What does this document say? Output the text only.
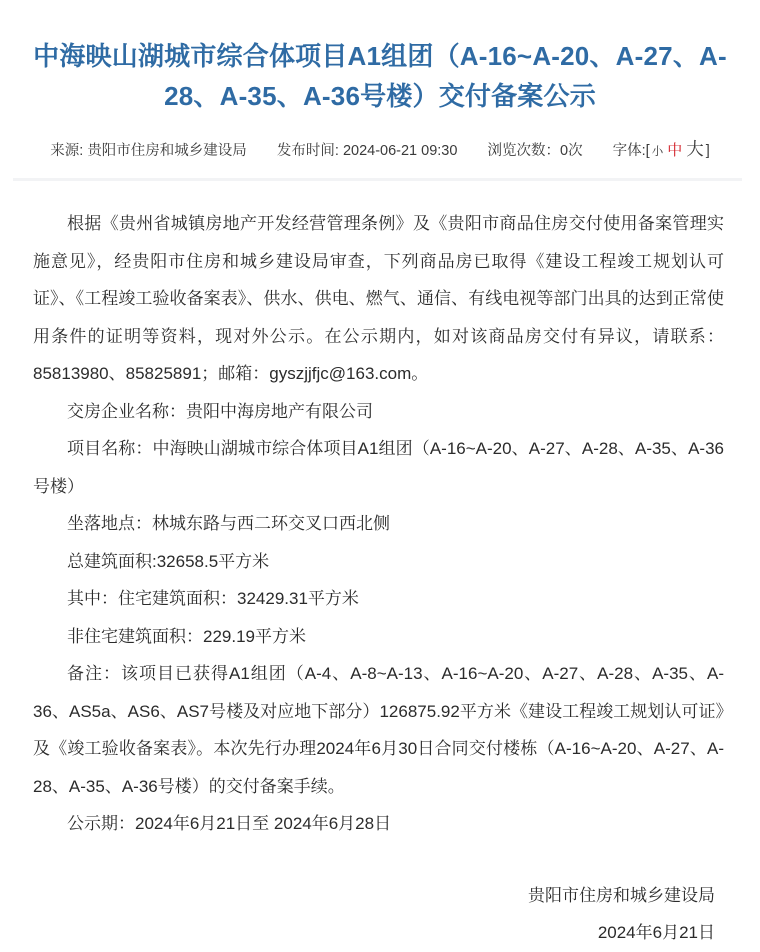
中海映山湖城市综合体项目A1组团（A-16~A-20、A-27、A-28、A-35、A-36号楼）交付备案公示
来源: 贵阳市住房和城乡建设局 发布时间: 2024-06-21 09:30 浏览次数：0次 字体:[ 小 中 大 ]

根据《贵州省城镇房地产开发经营管理条例》及《贵阳市商品住房交付使用备案管理实施意见》，经贵阳市住房和城乡建设局审查，下列商品房已取得《建设工程竣工规划认可证》、《工程竣工验收备案表》、供水、供电、燃气、通信、有线电视等部门出具的达到正常使用条件的证明等资料，现对外公示。在公示期内，如对该商品房交付有异议，请联系：85813980、85825891；邮箱：gyszjjfjc@163.com。

交房企业名称：贵阳中海房地产有限公司

项目名称：中海映山湖城市综合体项目A1组团（A-16~A-20、A-27、A-28、A-35、A-36号楼）

坐落地点：林城东路与西二环交叉口西北侧

总建筑面积:32658.5平方米

其中：住宅建筑面积：32429.31平方米

非住宅建筑面积：229.19平方米

备注：该项目已获得A1组团（A-4、A-8~A-13、A-16~A-20、A-27、A-28、A-35、A-36、AS5a、AS6、AS7号楼及对应地下部分）126875.92平方米《建设工程竣工规划认可证》及《竣工验收备案表》。本次先行办理2024年6月30日合同交付楼栋（A-16~A-20、A-27、A-28、A-35、A-36号楼）的交付备案手续。

公示期：2024年6月21日至 2024年6月28日

贵阳市住房和城乡建设局
2024年6月21日
